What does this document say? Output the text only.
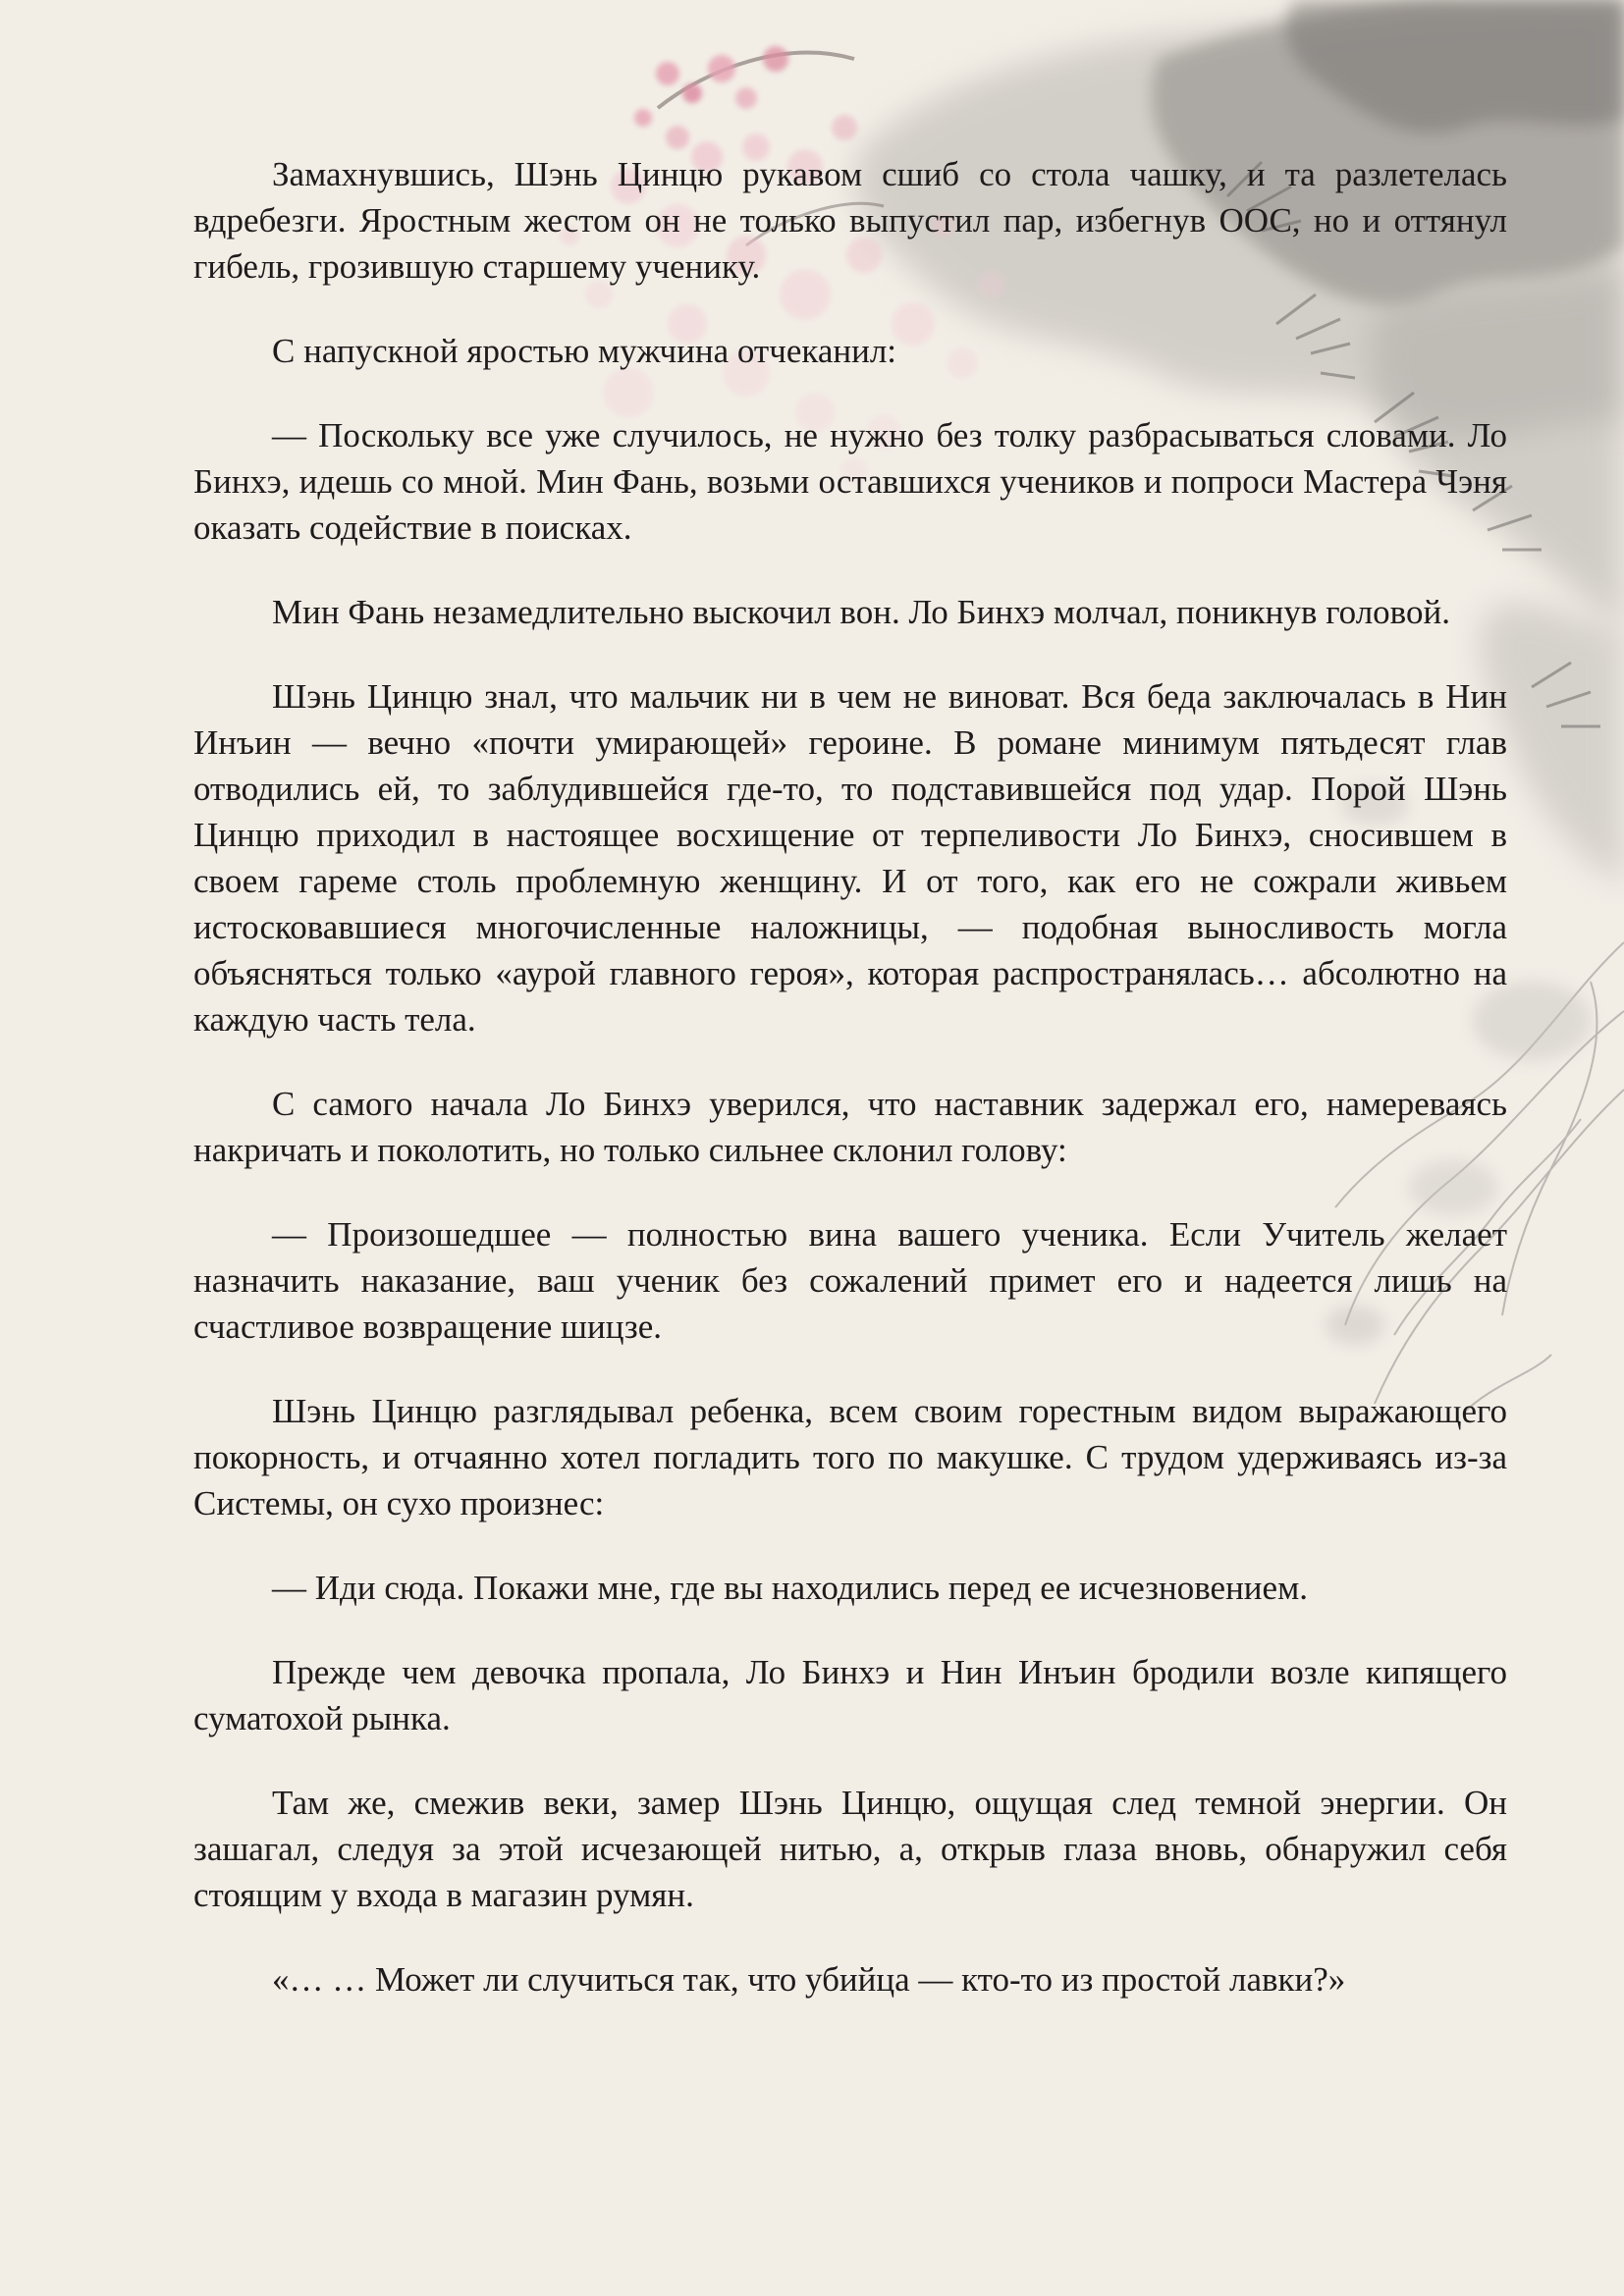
Замахнувшись, Шэнь Цинцю рукавом сшиб со стола чашку, и та разлетелась вдребезги. Яростным жестом он не только выпустил пар, избегнув ООС, но и оттянул гибель, грозившую старшему ученику.

С напускной яростью мужчина отчеканил:

— Поскольку все уже случилось, не нужно без толку разбрасываться словами. Ло Бинхэ, идешь со мной. Мин Фань, возьми оставшихся учеников и попроси Мастера Чэня оказать содействие в поисках.

Мин Фань незамедлительно выскочил вон. Ло Бинхэ молчал, поникнув головой.

Шэнь Цинцю знал, что мальчик ни в чем не виноват. Вся беда заключалась в Нин Инъин — вечно «почти умирающей» героине. В романе минимум пятьдесят глав отводились ей, то заблудившейся где-то, то подставившейся под удар. Порой Шэнь Цинцю приходил в настоящее восхищение от терпеливости Ло Бинхэ, сносившем в своем гареме столь проблемную женщину. И от того, как его не сожрали живьем истосковавшиеся многочисленные наложницы, — подобная выносливость могла объясняться только «аурой главного героя», которая распространялась… абсолютно на каждую часть тела.

С самого начала Ло Бинхэ уверился, что наставник задержал его, намереваясь накричать и поколотить, но только сильнее склонил голову:

— Произошедшее — полностью вина вашего ученика. Если Учитель желает назначить наказание, ваш ученик без сожалений примет его и надеется лишь на счастливое возвращение шицзе.

Шэнь Цинцю разглядывал ребенка, всем своим горестным видом выражающего покорность, и отчаянно хотел погладить того по макушке. С трудом удерживаясь из-за Системы, он сухо произнес:

— Иди сюда. Покажи мне, где вы находились перед ее исчезновением.

Прежде чем девочка пропала, Ло Бинхэ и Нин Инъин бродили возле кипящего суматохой рынка.

Там же, смежив веки, замер Шэнь Цинцю, ощущая след темной энергии. Он зашагал, следуя за этой исчезающей нитью, а, открыв глаза вновь, обнаружил себя стоящим у входа в магазин румян.

«… … Может ли случиться так, что убийца — кто-то из простой лавки?»
